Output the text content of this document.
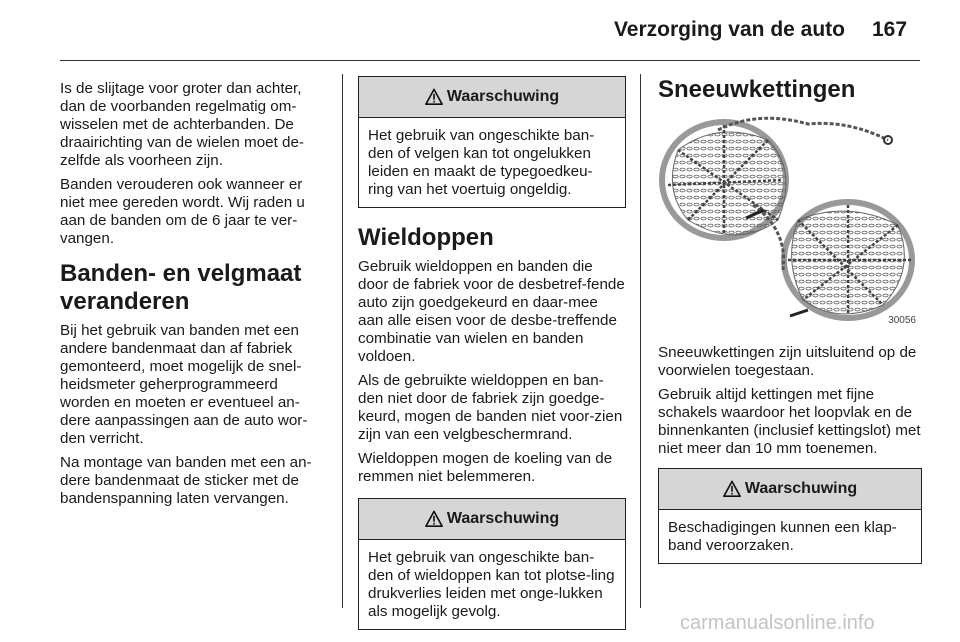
Verzorging van de auto 167

Is de slijtage voor groter dan achter, dan de voorbanden regelmatig om-wisselen met de achterbanden. De draairichting van de wielen moet de-zelfde als voorheen zijn.

Banden verouderen ook wanneer er niet mee gereden wordt. Wij raden u aan de banden om de 6 jaar te ver-vangen.

Banden- en velgmaat veranderen

Bij het gebruik van banden met een andere bandenmaat dan af fabriek gemonteerd, moet mogelijk de snel-heidsmeter geherprogrammeerd worden en moeten er eventueel an-dere aanpassingen aan de auto wor-den verricht.

Na montage van banden met een an-dere bandenmaat de sticker met de bandenspanning laten vervangen.

Waarschuwing

Het gebruik van ongeschikte ban-den of velgen kan tot ongelukken leiden en maakt de typegoedkeu-ring van het voertuig ongeldig.

Wieldoppen

Gebruik wieldoppen en banden die door de fabriek voor de desbetref-fende auto zijn goedgekeurd en daar-mee aan alle eisen voor de desbe-treffende combinatie van wielen en banden voldoen.

Als de gebruikte wieldoppen en ban-den niet door de fabriek zijn goedge-keurd, mogen de banden niet voor-zien zijn van een velgbeschermrand.

Wieldoppen mogen de koeling van de remmen niet belemmeren.

Waarschuwing

Het gebruik van ongeschikte ban-den of wieldoppen kan tot plotse-ling drukverlies leiden met onge-lukken als mogelijk gevolg.

Sneeuwkettingen
30056

Sneeuwkettingen zijn uitsluitend op de voorwielen toegestaan.

Gebruik altijd kettingen met fijne schakels waardoor het loopvlak en de binnenkanten (inclusief kettingslot) met niet meer dan 10 mm toenemen.

Waarschuwing

Beschadigingen kunnen een klap-band veroorzaken.

carmanualsonline.info
